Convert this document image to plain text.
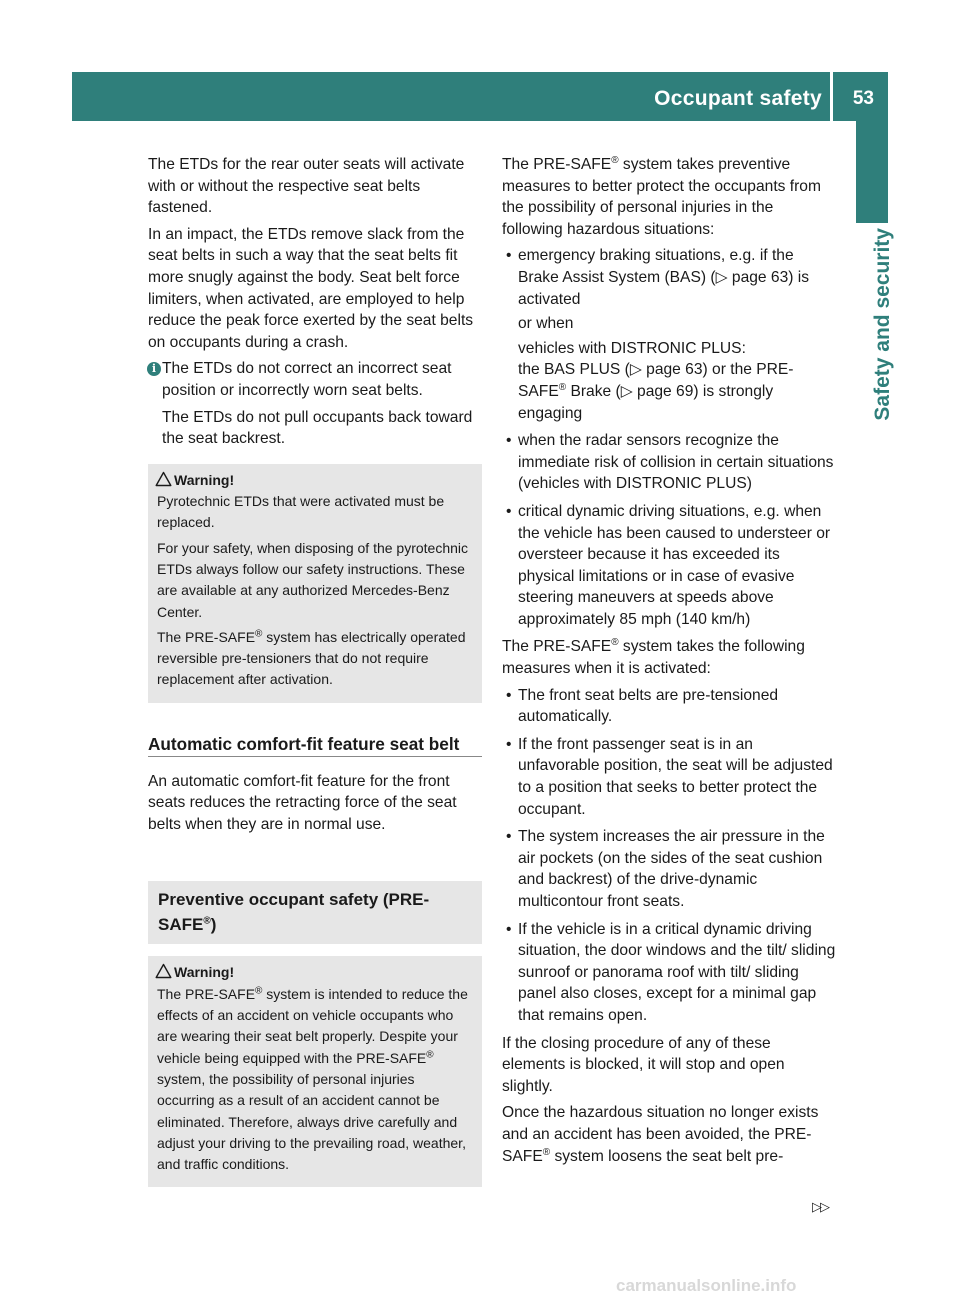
Occupant safety 53
Safety and security

The ETDs for the rear outer seats will activate with or without the respective seat belts fastened.

In an impact, the ETDs remove slack from the seat belts in such a way that the seat belts fit more snugly against the body. Seat belt force limiters, when activated, are employed to help reduce the peak force exerted by the seat belts on occupants during a crash.

i The ETDs do not correct an incorrect seat position or incorrectly worn seat belts.

The ETDs do not pull occupants back toward the seat backrest.

Warning!

Pyrotechnic ETDs that were activated must be replaced.

For your safety, when disposing of the pyrotechnic ETDs always follow our safety instructions. These are available at any authorized Mercedes-Benz Center.

The PRE-SAFE® system has electrically operated reversible pre-tensioners that do not require replacement after activation.

Automatic comfort-fit feature seat belt

An automatic comfort-fit feature for the front seats reduces the retracting force of the seat belts when they are in normal use.

Preventive occupant safety (PRE-SAFE®)
Warning!

The PRE-SAFE® system is intended to reduce the effects of an accident on vehicle occupants who are wearing their seat belt properly. Despite your vehicle being equipped with the PRE-SAFE® system, the possibility of personal injuries occurring as a result of an accident cannot be eliminated. Therefore, always drive carefully and adjust your driving to the prevailing road, weather, and traffic conditions.

The PRE-SAFE® system takes preventive measures to better protect the occupants from the possibility of personal injuries in the following hazardous situations:

• emergency braking situations, e.g. if the Brake Assist System (BAS) (▷ page 63) is activated

or when

vehicles with DISTRONIC PLUS:
the BAS PLUS (▷ page 63) or the PRE-SAFE® Brake (▷ page 69) is strongly engaging

• when the radar sensors recognize the immediate risk of collision in certain situations (vehicles with DISTRONIC PLUS)
• critical dynamic driving situations, e.g. when the vehicle has been caused to understeer or oversteer because it has exceeded its physical limitations or in case of evasive steering maneuvers at speeds above approximately 85 mph (140 km/h)

The PRE-SAFE® system takes the following measures when it is activated:

• The front seat belts are pre-tensioned automatically.
• If the front passenger seat is in an unfavorable position, the seat will be adjusted to a position that seeks to better protect the occupant.
• The system increases the air pressure in the air pockets (on the sides of the seat cushion and backrest) of the drive-dynamic multicontour front seats.
• If the vehicle is in a critical dynamic driving situation, the door windows and the tilt/ sliding sunroof or panorama roof with tilt/ sliding panel also closes, except for a minimal gap that remains open.

If the closing procedure of any of these elements is blocked, it will stop and open slightly.

Once the hazardous situation no longer exists and an accident has been avoided, the PRE-SAFE® system loosens the seat belt pre-

▷▷
carmanualsonline.info
